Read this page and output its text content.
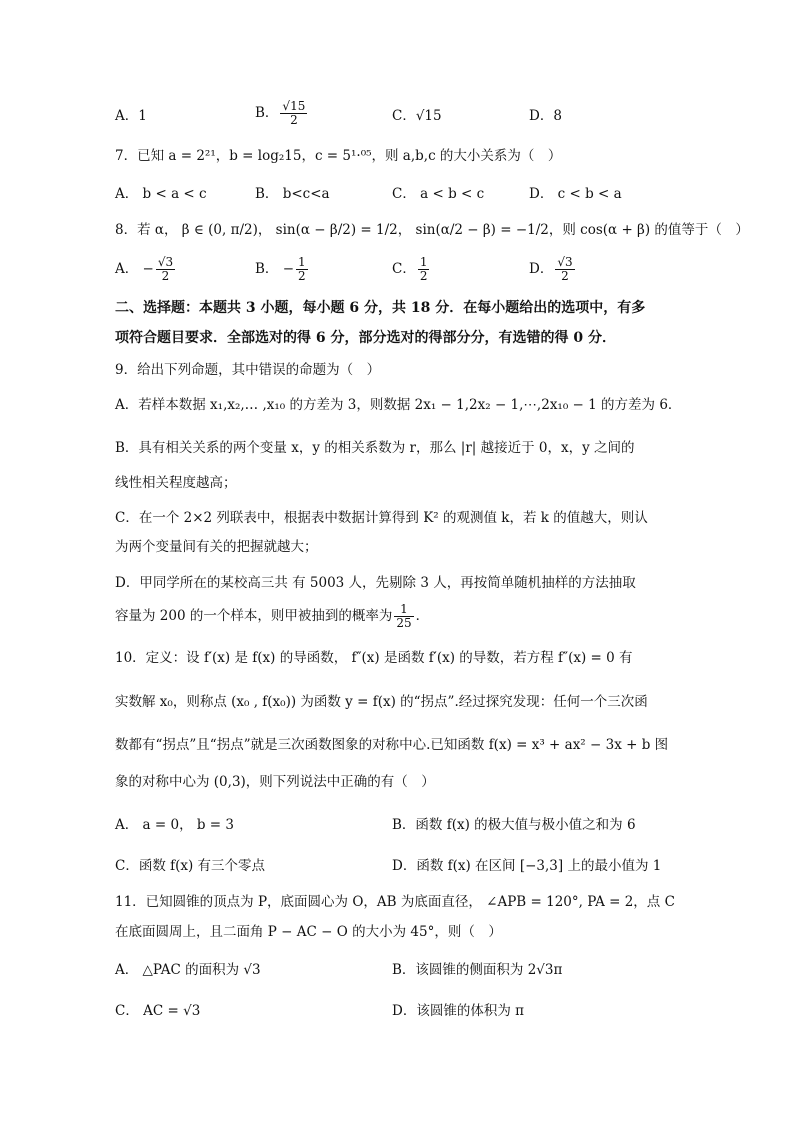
A．1	B． $\frac{√15}{2}$	C．√15	D．8
7．已知 a = 2²¹，b = log₂15，c = 5¹·⁰⁵，则 a,b,c 的大小关系为（　）
A． b < a < c	B． b<c<a	C． a < b < c	D． c < b < a
8．若 α， β ∈ (0, π/2)， sin(α − β/2) = 1/2， sin(α/2 − β) = −1/2，则 cos(α + β) 的值等于（　）
A． − $\frac{√3}{2}$	B． − $\frac{1}{2}$	C． $\frac{1}{2}$	D． $\frac{√3}{2}$
二、选择题：本题共 3 小题，每小题 6 分，共 18 分．在每小题给出的选项中，有多
项符合题目要求．全部选对的得 6 分，部分选对的得部分分，有选错的得 0 分．
9．给出下列命题，其中错误的命题为（　）
A．若样本数据 x₁,x₂,… ,x₁₀ 的方差为 3，则数据 2x₁ − 1,2x₂ − 1,⋯,2x₁₀ − 1 的方差为 6．
B．具有相关关系的两个变量 x，y 的相关系数为 r，那么 |r| 越接近于 0，x，y 之间的
线性相关程度越高；
C．在一个 2×2 列联表中，根据表中数据计算得到 K² 的观测值 k，若 k 的值越大，则认
为两个变量间有关的把握就越大；
D．甲同学所在的某校高三共 有 5003 人，先剔除 3 人，再按简单随机抽样的方法抽取
容量为 200 的一个样本，则甲被抽到的概率为 $\frac{1}{25}$ ．
10．定义：设 f′(x) 是 f(x) 的导函数， f″(x) 是函数 f′(x) 的导数，若方程 f″(x) = 0 有
实数解 x₀，则称点 (x₀ , f(x₀)) 为函数 y = f(x) 的“拐点”.经过探究发现：任何一个三次函
数都有“拐点”且“拐点”就是三次函数图象的对称中心.已知函数 f(x) = x³ + ax² − 3x + b 图
象的对称中心为 (0,3)，则下列说法中正确的有（　）
A． a = 0， b = 3	B．函数 f(x) 的极大值与极小值之和为 6
C．函数 f(x) 有三个零点	D．函数 f(x) 在区间 [−3,3] 上的最小值为 1
11．已知圆锥的顶点为 P，底面圆心为 O，AB 为底面直径， ∠APB = 120°, PA = 2，点 C
在底面圆周上，且二面角 P − AC − O 的大小为 45°，则（　）
A． △PAC 的面积为 √3	B．该圆锥的侧面积为 2√3π
C． AC = √3	D．该圆锥的体积为 π
